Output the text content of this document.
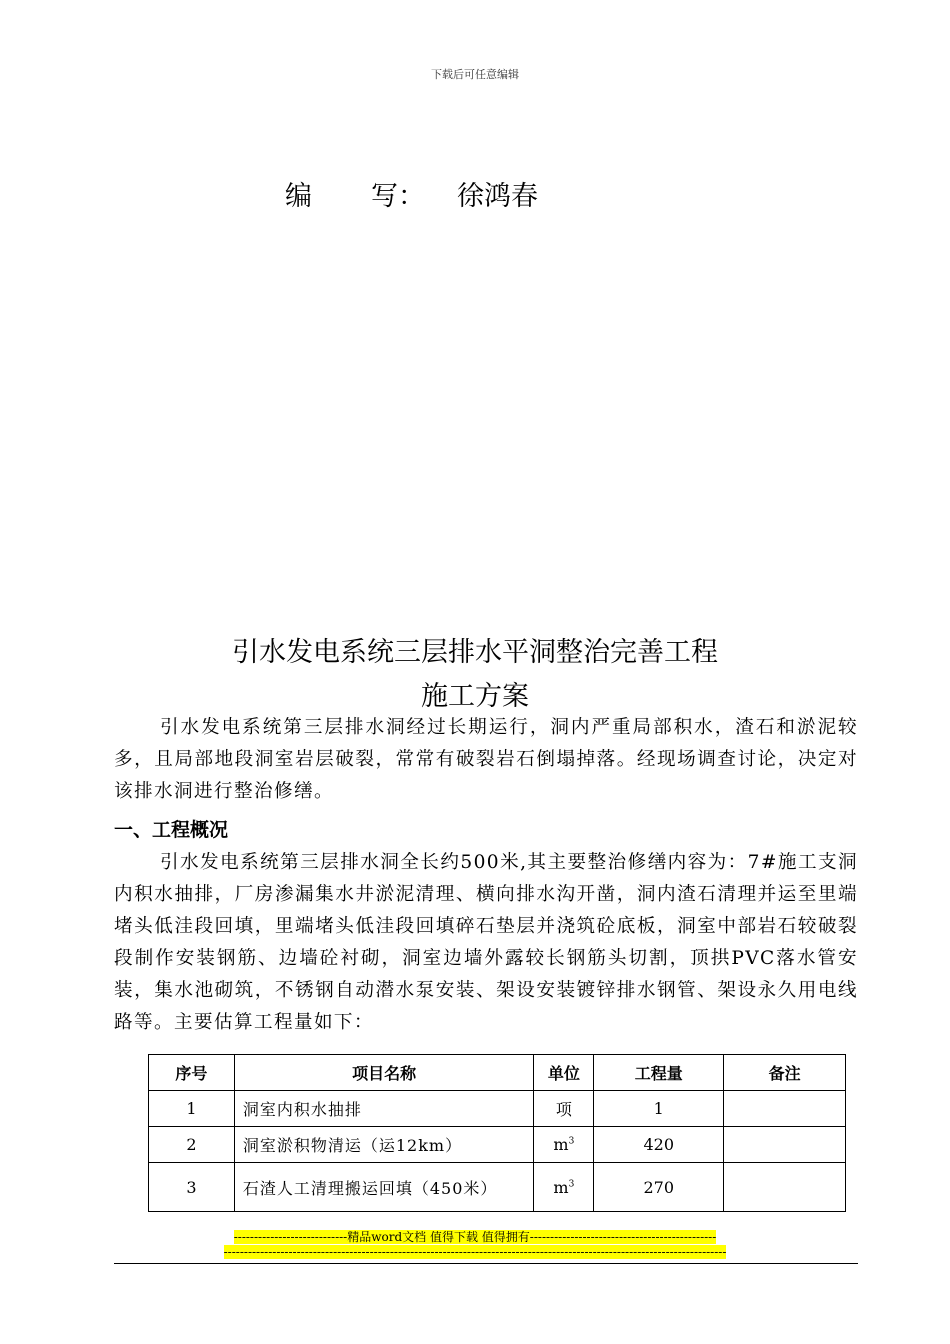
下载后可任意编辑
编 写： 徐鸿春
引水发电系统三层排水平洞整治完善工程
施工方案

引水发电系统第三层排水洞经过长期运行，洞内严重局部积水，渣石和淤泥较多，且局部地段洞室岩层破裂，常常有破裂岩石倒塌掉落。经现场调查讨论，决定对该排水洞进行整治修缮。

一、工程概况

引水发电系统第三层排水洞全长约500米,其主要整治修缮内容为：7#施工支洞内积水抽排，厂房渗漏集水井淤泥清理、横向排水沟开凿，洞内渣石清理并运至里端堵头低洼段回填，里端堵头低洼段回填碎石垫层并浇筑砼底板，洞室中部岩石较破裂段制作安装钢筋、边墙砼衬砌，洞室边墙外露较长钢筋头切割，顶拱PVC落水管安装，集水池砌筑，不锈钢自动潜水泵安装、架设安装镀锌排水钢管、架设永久用电线路等。主要估算工程量如下：

序号	项目名称	单位	工程量	备注
1	洞室内积水抽排	项	1	
2	洞室淤积物清运（运12km）	$m^3$	420	
3	石渣人工清理搬运回填（450米）	$m^3$	270	
----------------------------精品word文档 值得下载 值得拥有----------------------------------------------
----------------------------------------------------------------------------------------------------------------------------
